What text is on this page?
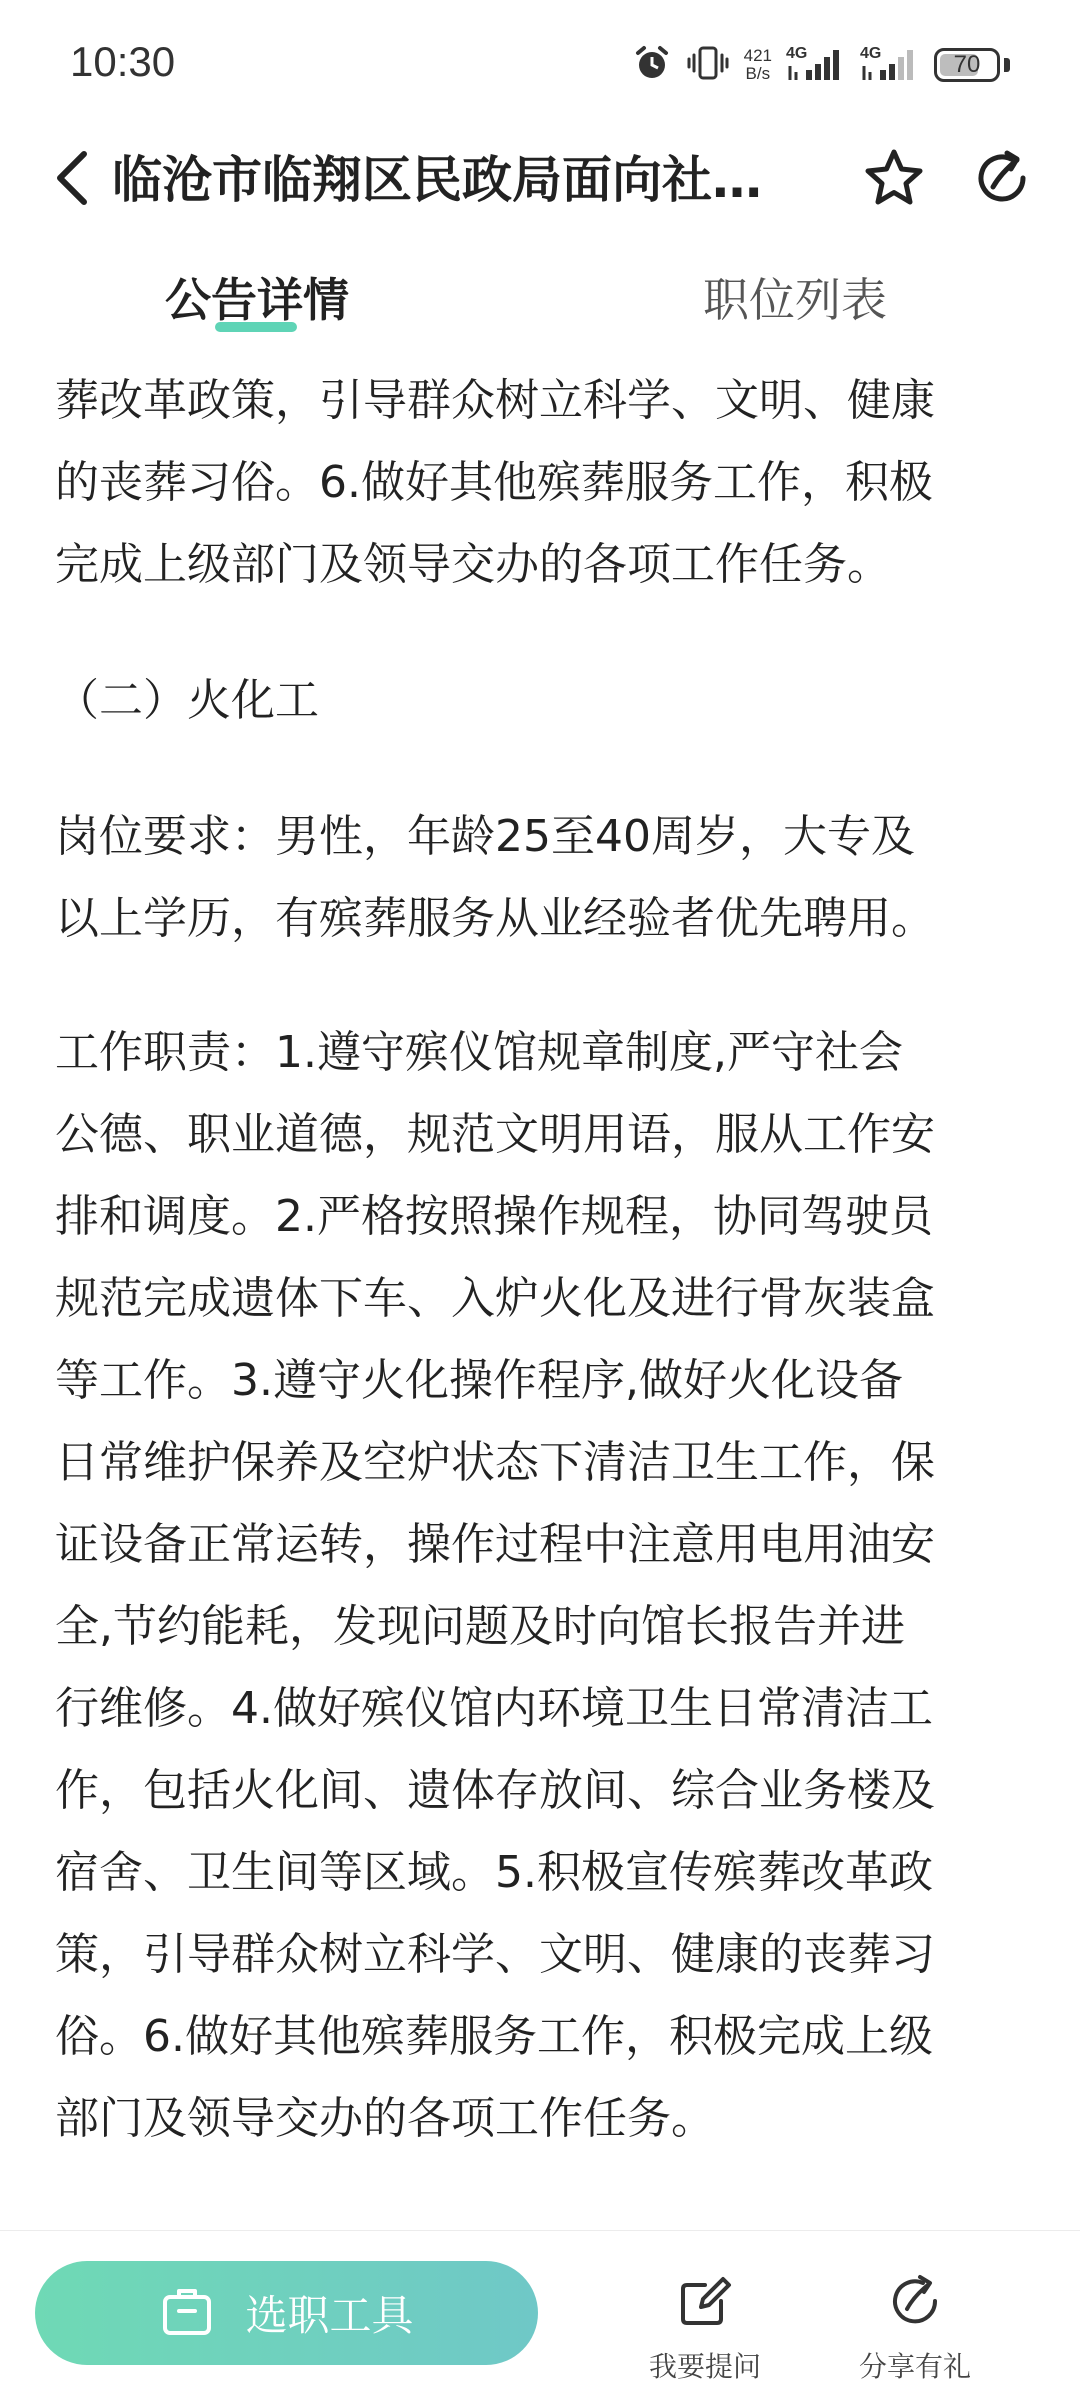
10:30	421
B/s
4G	4G	70
临沧市临翔区民政局面向社…
公告详情	职位列表

葬改革政策，引导群众树立科学、文明、健康

的丧葬习俗。6.做好其他殡葬服务工作，积极

完成上级部门及领导交办的各项工作任务。

（二）火化工

岗位要求：男性，年龄25至40周岁，大专及

以上学历，有殡葬服务从业经验者优先聘用。

工作职责：1.遵守殡仪馆规章制度,严守社会

公德、职业道德，规范文明用语，服从工作安

排和调度。2.严格按照操作规程，协同驾驶员

规范完成遗体下车、入炉火化及进行骨灰装盒

等工作。3.遵守火化操作程序,做好火化设备

日常维护保养及空炉状态下清洁卫生工作，保

证设备正常运转，操作过程中注意用电用油安

全,节约能耗，发现问题及时向馆长报告并进

行维修。4.做好殡仪馆内环境卫生日常清洁工

作，包括火化间、遗体存放间、综合业务楼及

宿舍、卫生间等区域。5.积极宣传殡葬改革政

策，引导群众树立科学、文明、健康的丧葬习

俗。6.做好其他殡葬服务工作，积极完成上级

部门及领导交办的各项工作任务。

选职工具
我要提问	分享有礼
